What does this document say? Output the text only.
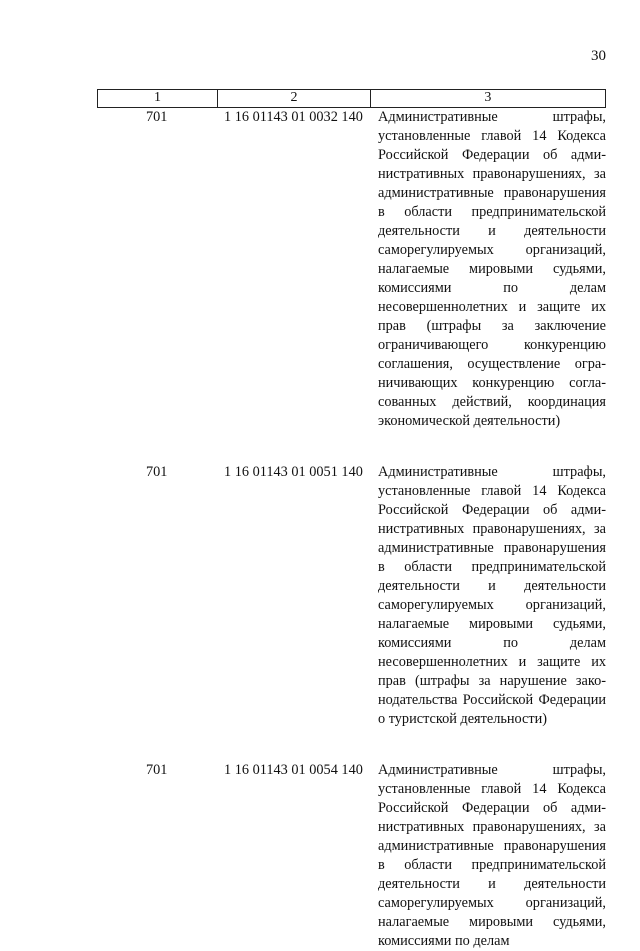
30
1	2	3
701	1 16 01143 01 0032 140	Административные штрафы, установленные главой 14 Кодекса Российской Федерации об административных правонарушениях, за административные правонарушения в области предпринимательской деятельности и деятельности саморегулируемых организаций, налагаемые мировыми судьями, комиссиями по делам несовершеннолетних и защите их прав (штрафы за заключение ограничивающего конкуренцию соглашения, осуществление ограничивающих конкуренцию согласованных действий, координация экономической деятельности)
701	1 16 01143 01 0051 140	Административные штрафы, установленные главой 14 Кодекса Российской Федерации об административных правонарушениях, за административные правонарушения в области предпринимательской деятельности и деятельности саморегулируемых организаций, налагаемые мировыми судьями, комиссиями по делам несовершеннолетних и защите их прав (штрафы за нарушение законодательства Российской Федерации о туристской деятельности)
701	1 16 01143 01 0054 140	Административные штрафы, установленные главой 14 Кодекса Российской Федерации об административных правонарушениях, за административные правонарушения в области предпринимательской деятельности и деятельности саморегулируемых организаций, налагаемые мировыми судьями, комиссиями по делам
